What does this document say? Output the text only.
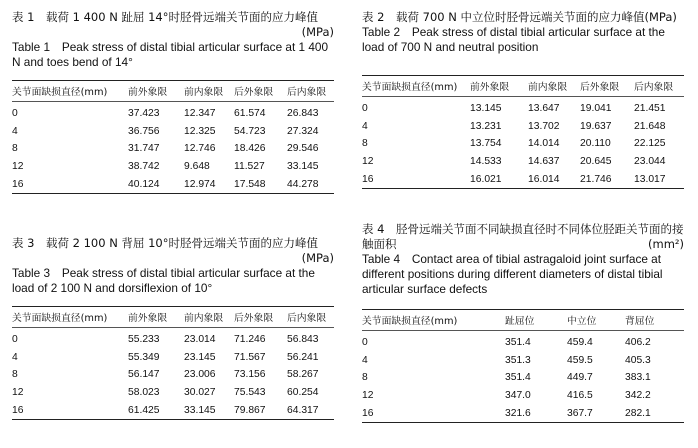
表 1　载荷 1 400 N 趾屈 14°时胫骨远端关节面的应力峰值
(MPa)
Table 1　Peak stress of distal tibial articular surface at 1 400 N and toes bend of 14°
关节面缺损直径(mm)	前外象限	前内象限	后外象限	后内象限
0	37.423	12.347	61.574	26.843
4	36.756	12.325	54.723	27.324
8	31.747	12.746	18.426	29.546
12	38.742	9.648	11.527	33.145
16	40.124	12.974	17.548	44.278
表 3　载荷 2 100 N 背屈 10°时胫骨远端关节面的应力峰值
(MPa)
Table 3　Peak stress of distal tibial articular surface at the load of 2 100 N and dorsiflexion of 10°
关节面缺损直径(mm)	前外象限	前内象限	后外象限	后内象限
0	55.233	23.014	71.246	56.843
4	55.349	23.145	71.567	56.241
8	56.147	23.006	73.156	58.267
12	58.023	30.027	75.543	60.254
16	61.425	33.145	79.867	64.317
表 2　载荷 700 N 中立位时胫骨远端关节面的应力峰值(MPa)
Table 2　Peak stress of distal tibial articular surface at the load of 700 N and neutral position
关节面缺损直径(mm)	前外象限	前内象限	后外象限	后内象限
0	13.145	13.647	19.041	21.451
4	13.231	13.702	19.637	21.648
8	13.754	14.014	20.110	22.125
12	14.533	14.637	20.645	23.044
16	16.021	16.014	21.746	13.017
表 4　胫骨远端关节面不同缺损直径时不同体位胫距关节面的接触面积	(mm²)
Table 4　Contact area of tibial astragaloid joint surface at different positions during different diameters of distal tibial articular surface defects
关节面缺损直径(mm)	趾屈位	中立位	背屈位
0	351.4	459.4	406.2
4	351.3	459.5	405.3
8	351.4	449.7	383.1
12	347.0	416.5	342.2
16	321.6	367.7	282.1
